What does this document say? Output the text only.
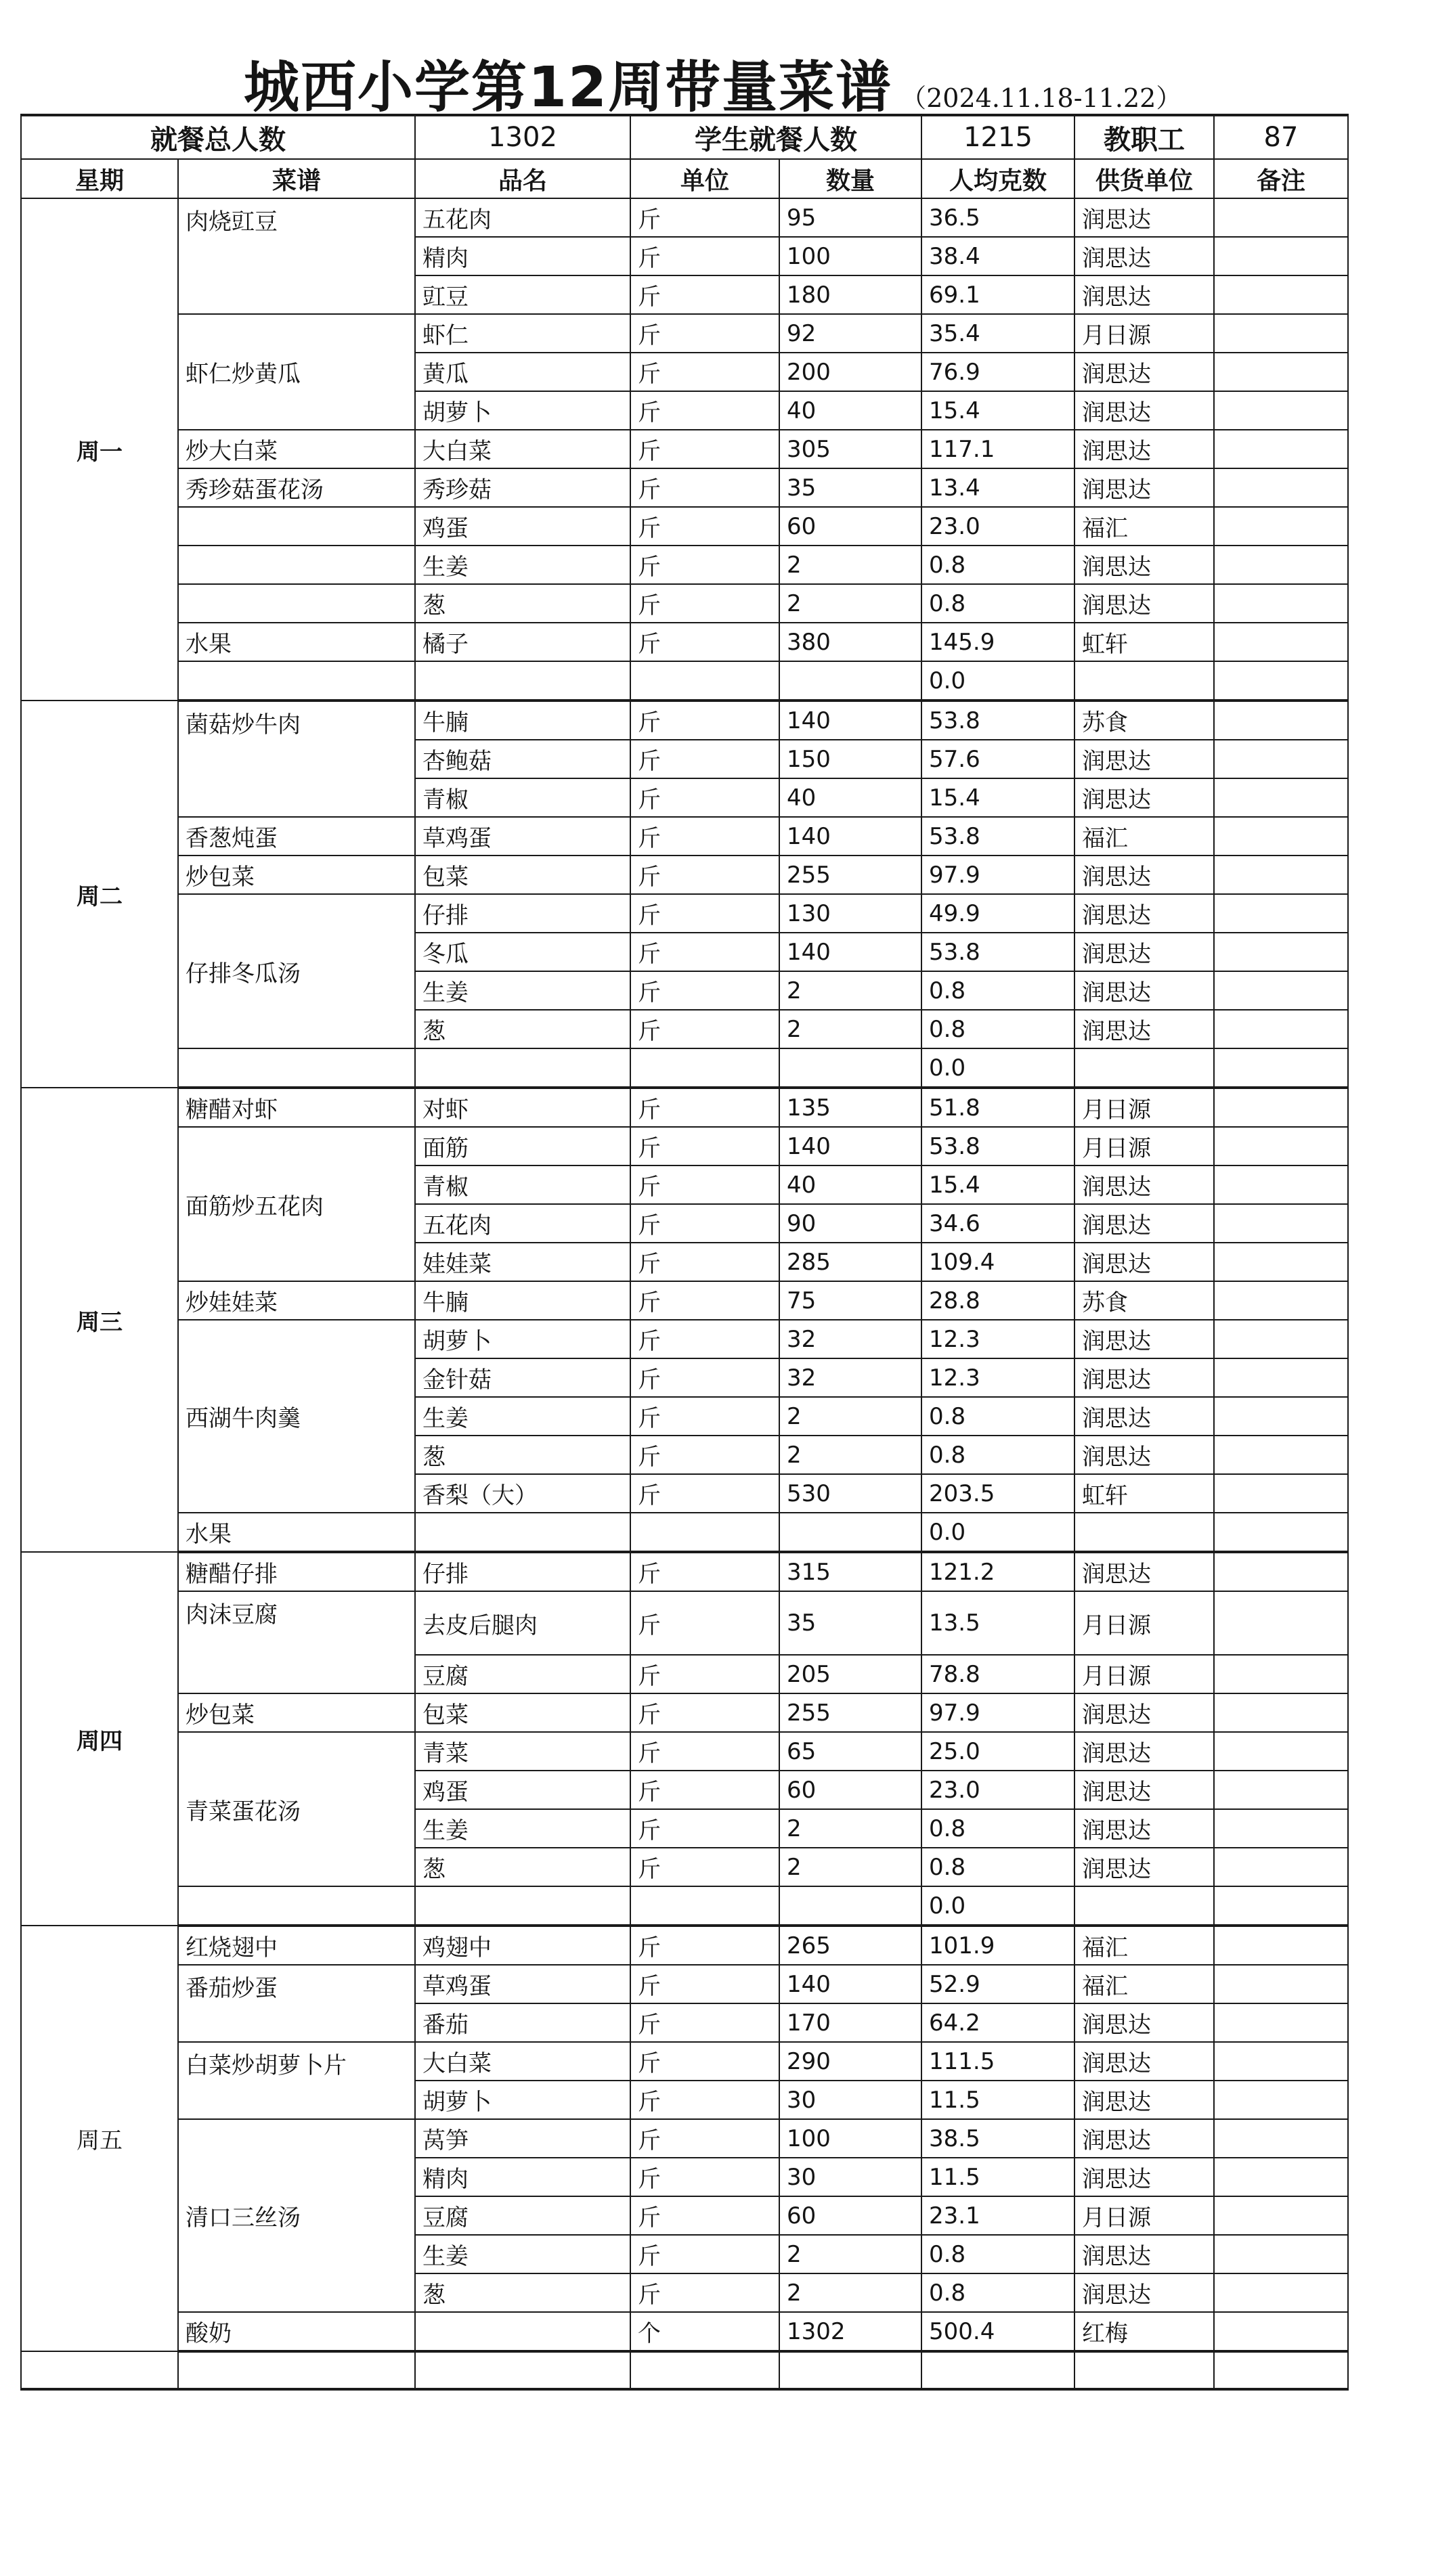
城西小学第12周带量菜谱 （2024.11.18-11.22）
就餐总人数		1302	学生就餐人数		1215	教职工	87
星期	菜谱	品名	单位	数量	人均克数	供货单位	备注
周一	肉烧豇豆	五花肉	斤	95	36.5	润思达	
		精肉	斤	100	38.4	润思达	
		豇豆	斤	180	69.1	润思达	
	虾仁炒黄瓜	虾仁	斤	92	35.4	月日源	
		黄瓜	斤	200	76.9	润思达	
		胡萝卜	斤	40	15.4	润思达	
	炒大白菜	大白菜	斤	305	117.1	润思达	
	秀珍菇蛋花汤	秀珍菇	斤	35	13.4	润思达	
		鸡蛋	斤	60	23.0	福汇	
		生姜	斤	2	0.8	润思达	
		葱	斤	2	0.8	润思达	
	水果	橘子	斤	380	145.9	虹轩	
					0.0		
周二	菌菇炒牛肉	牛腩	斤	140	53.8	苏食	
		杏鲍菇	斤	150	57.6	润思达	
		青椒	斤	40	15.4	润思达	
	香葱炖蛋	草鸡蛋	斤	140	53.8	福汇	
	炒包菜	包菜	斤	255	97.9	润思达	
	仔排冬瓜汤	仔排	斤	130	49.9	润思达	
		冬瓜	斤	140	53.8	润思达	
		生姜	斤	2	0.8	润思达	
		葱	斤	2	0.8	润思达	
					0.0		
周三	糖醋对虾	对虾	斤	135	51.8	月日源	
	面筋炒五花肉	面筋	斤	140	53.8	月日源	
		青椒	斤	40	15.4	润思达	
		五花肉	斤	90	34.6	润思达	
		娃娃菜	斤	285	109.4	润思达	
	炒娃娃菜	牛腩	斤	75	28.8	苏食	
	西湖牛肉羹	胡萝卜	斤	32	12.3	润思达	
		金针菇	斤	32	12.3	润思达	
		生姜	斤	2	0.8	润思达	
		葱	斤	2	0.8	润思达	
		香梨（大）	斤	530	203.5	虹轩	
	水果				0.0		
周四	糖醋仔排	仔排	斤	315	121.2	润思达	
	肉沫豆腐	去皮后腿肉	斤	35	13.5	月日源	
		豆腐	斤	205	78.8	月日源	
	炒包菜	包菜	斤	255	97.9	润思达	
	青菜蛋花汤	青菜	斤	65	25.0	润思达	
		鸡蛋	斤	60	23.0	润思达	
		生姜	斤	2	0.8	润思达	
		葱	斤	2	0.8	润思达	
					0.0		
周五	红烧翅中	鸡翅中	斤	265	101.9	福汇	
	番茄炒蛋	草鸡蛋	斤	140	52.9	福汇	
		番茄	斤	170	64.2	润思达	
	白菜炒胡萝卜片	大白菜	斤	290	111.5	润思达	
		胡萝卜	斤	30	11.5	润思达	
	清口三丝汤	莴笋	斤	100	38.5	润思达	
		精肉	斤	30	11.5	润思达	
		豆腐	斤	60	23.1	月日源	
		生姜	斤	2	0.8	润思达	
		葱	斤	2	0.8	润思达	
	酸奶		个	1302	500.4	红梅	
